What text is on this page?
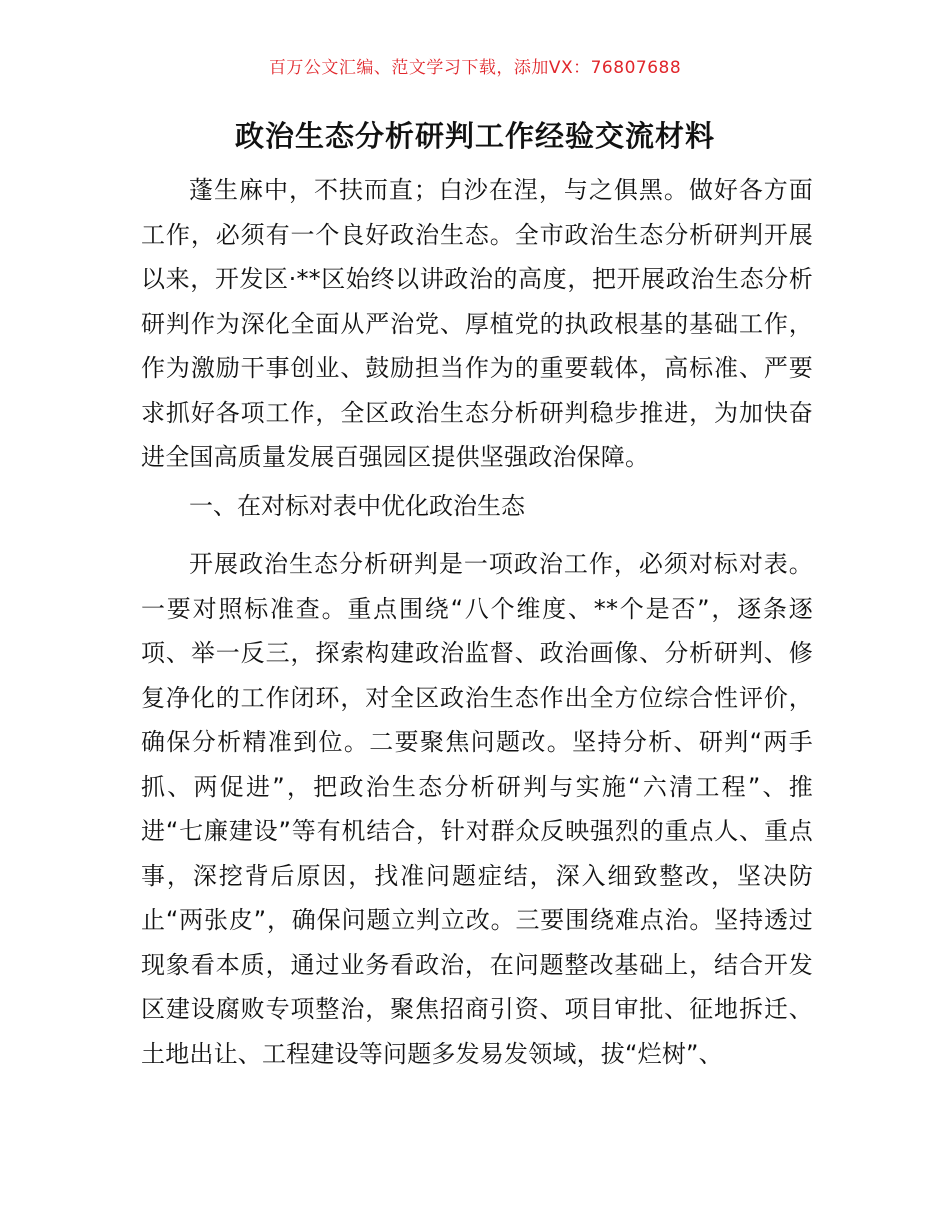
百万公文汇编、范文学习下载，添加VX：76807688
政治生态分析研判工作经验交流材料

蓬生麻中，不扶而直；白沙在涅，与之俱黑。做好各方面工作，必须有一个良好政治生态。全市政治生态分析研判开展以来，开发区·**区始终以讲政治的高度，把开展政治生态分析研判作为深化全面从严治党、厚植党的执政根基的基础工作，作为激励干事创业、鼓励担当作为的重要载体，高标准、严要求抓好各项工作，全区政治生态分析研判稳步推进，为加快奋进全国高质量发展百强园区提供坚强政治保障。

一、在对标对表中优化政治生态

开展政治生态分析研判是一项政治工作，必须对标对表。一要对照标准查。重点围绕“八个维度、**个是否”，逐条逐项、举一反三，探索构建政治监督、政治画像、分析研判、修复净化的工作闭环，对全区政治生态作出全方位综合性评价，确保分析精准到位。二要聚焦问题改。坚持分析、研判“两手抓、两促进”，把政治生态分析研判与实施“六清工程”、推进“七廉建设”等有机结合，针对群众反映强烈的重点人、重点事，深挖背后原因，找准问题症结，深入细致整改，坚决防止“两张皮”，确保问题立判立改。三要围绕难点治。坚持透过现象看本质，通过业务看政治，在问题整改基础上，结合开发区建设腐败专项整治，聚焦招商引资、项目审批、征地拆迁、土地出让、工程建设等问题多发易发领域，拔“烂树”、
